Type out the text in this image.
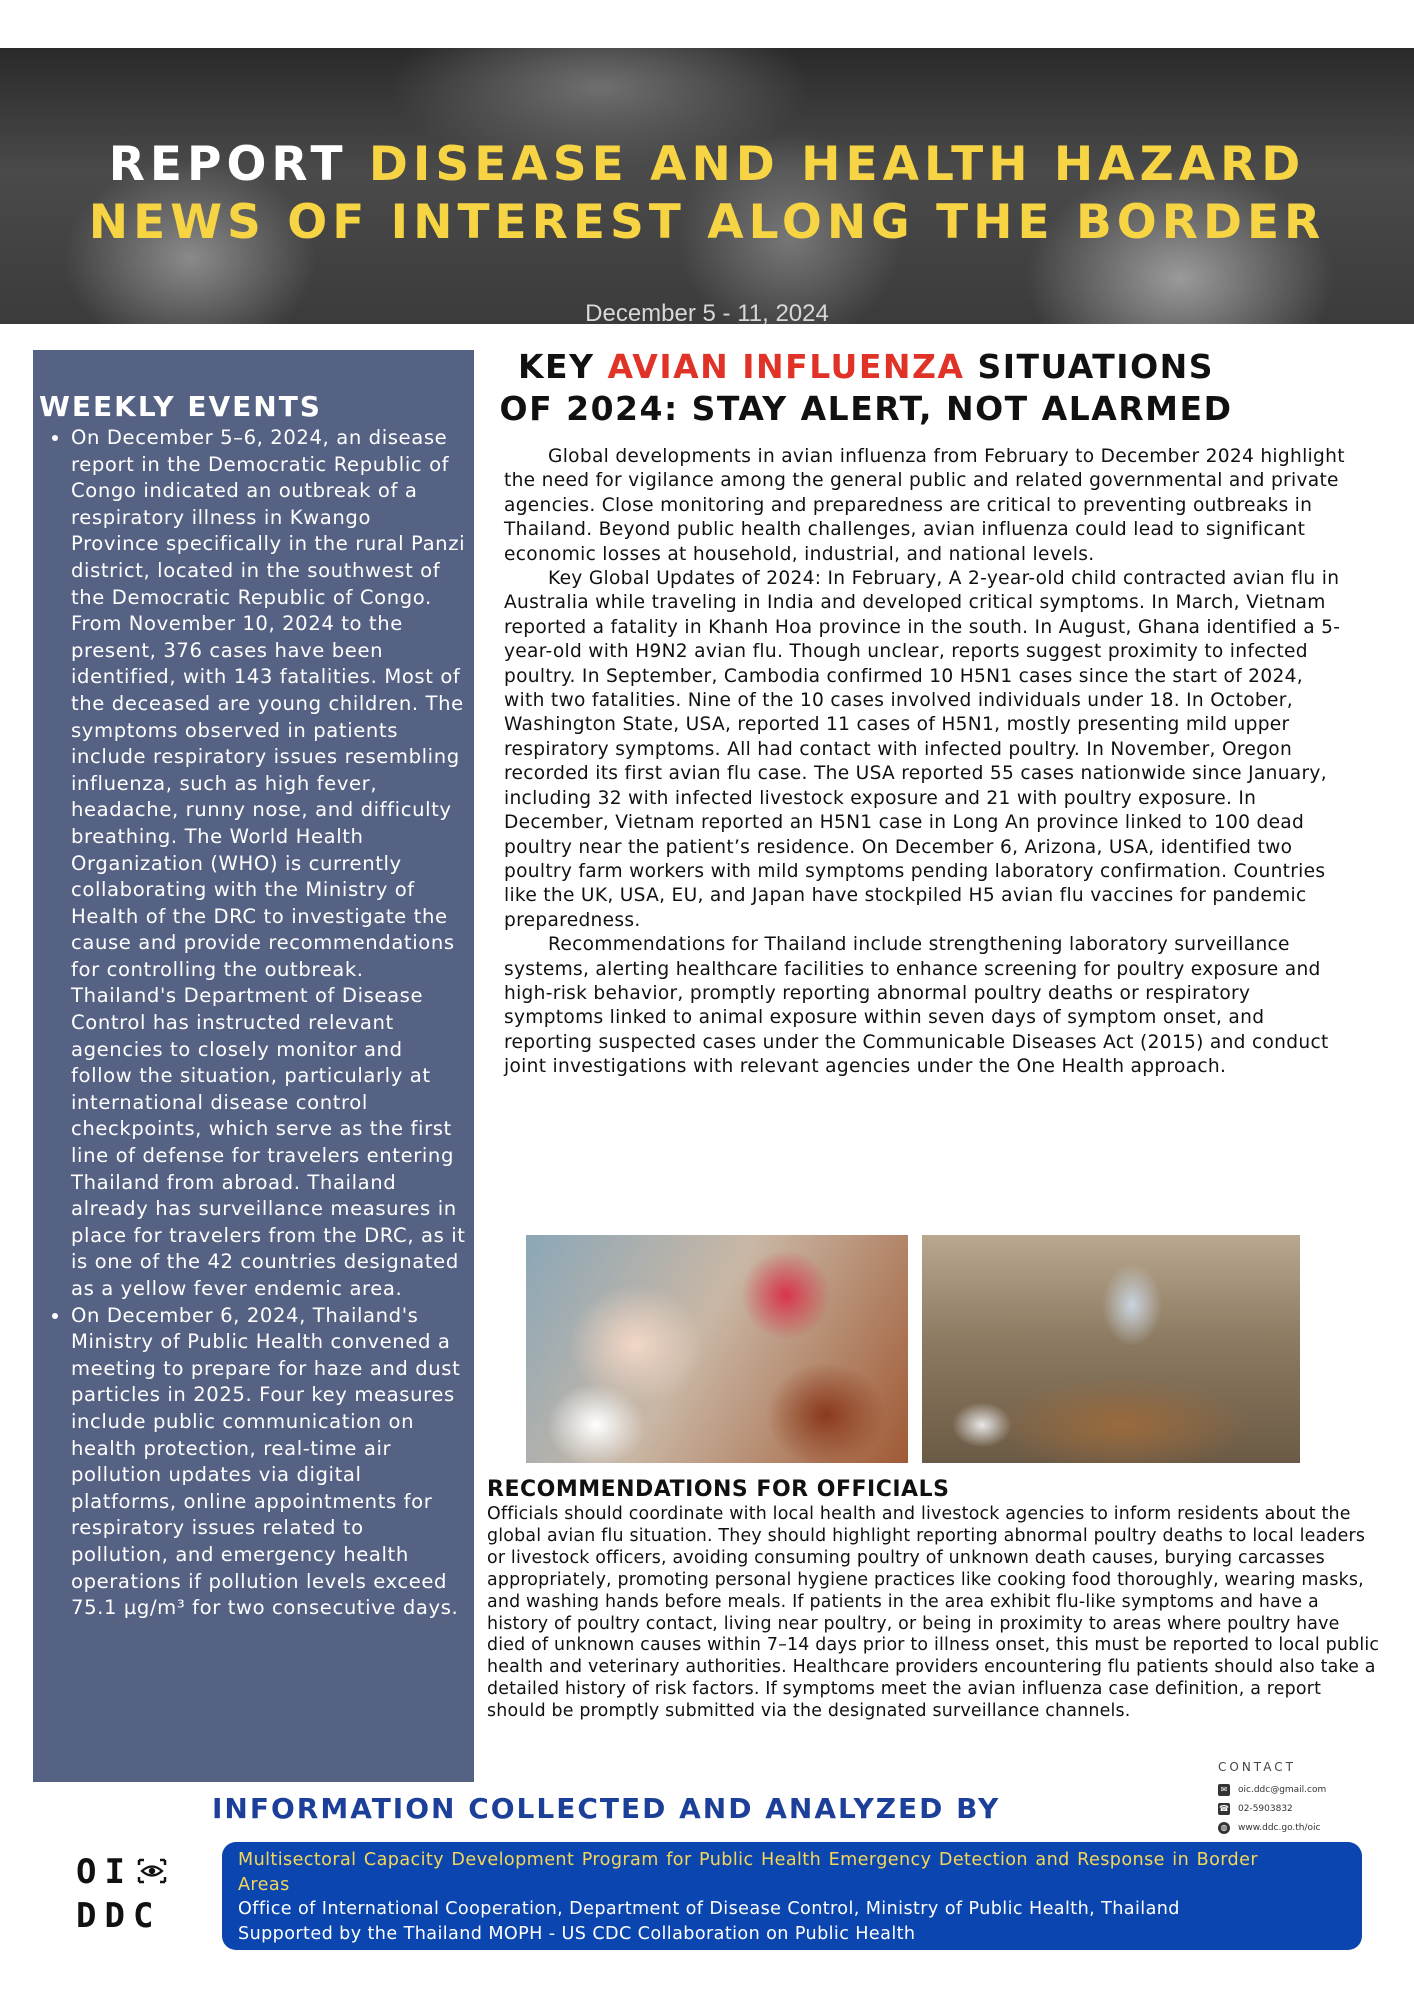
REPORT DISEASE AND HEALTH HAZARD
NEWS OF INTEREST ALONG THE BORDER
December 5 - 11, 2024
WEEKLY EVENTS
• On December 5–6, 2024, an disease report in the Democratic Republic of Congo indicated an outbreak of a respiratory illness in Kwango Province specifically in the rural Panzi district, located in the southwest of the Democratic Republic of Congo. From November 10, 2024 to the present, 376 cases have been identified, with 143 fatalities. Most of the deceased are young children. The symptoms observed in patients include respiratory issues resembling influenza, such as high fever, headache, runny nose, and difficulty breathing. The World Health Organization (WHO) is currently collaborating with the Ministry of Health of the DRC to investigate the cause and provide recommendations for controlling the outbreak. Thailand's Department of Disease Control has instructed relevant agencies to closely monitor and follow the situation, particularly at international disease control checkpoints, which serve as the first line of defense for travelers entering Thailand from abroad. Thailand already has surveillance measures in place for travelers from the DRC, as it is one of the 42 countries designated as a yellow fever endemic area.
• On December 6, 2024, Thailand's Ministry of Public Health convened a meeting to prepare for haze and dust particles in 2025. Four key measures include public communication on health protection, real-time air pollution updates via digital platforms, online appointments for respiratory issues related to pollution, and emergency health operations if pollution levels exceed 75.1 µg/m³ for two consecutive days.
KEY AVIAN INFLUENZA SITUATIONS OF 2024: STAY ALERT, NOT ALARMED

Global developments in avian influenza from February to December 2024 highlight the need for vigilance among the general public and related governmental and private agencies. Close monitoring and preparedness are critical to preventing outbreaks in Thailand. Beyond public health challenges, avian influenza could lead to significant economic losses at household, industrial, and national levels.

Key Global Updates of 2024: In February, A 2-year-old child contracted avian flu in Australia while traveling in India and developed critical symptoms. In March, Vietnam reported a fatality in Khanh Hoa province in the south. In August, Ghana identified a 5-year-old with H9N2 avian flu. Though unclear, reports suggest proximity to infected poultry. In September, Cambodia confirmed 10 H5N1 cases since the start of 2024, with two fatalities. Nine of the 10 cases involved individuals under 18. In October, Washington State, USA, reported 11 cases of H5N1, mostly presenting mild upper respiratory symptoms. All had contact with infected poultry. In November, Oregon recorded its first avian flu case. The USA reported 55 cases nationwide since January, including 32 with infected livestock exposure and 21 with poultry exposure. In December, Vietnam reported an H5N1 case in Long An province linked to 100 dead poultry near the patient’s residence. On December 6, Arizona, USA, identified two poultry farm workers with mild symptoms pending laboratory confirmation. Countries like the UK, USA, EU, and Japan have stockpiled H5 avian flu vaccines for pandemic preparedness.

Recommendations for Thailand include strengthening laboratory surveillance systems, alerting healthcare facilities to enhance screening for poultry exposure and high-risk behavior, promptly reporting abnormal poultry deaths or respiratory symptoms linked to animal exposure within seven days of symptom onset, and reporting suspected cases under the Communicable Diseases Act (2015) and conduct joint investigations with relevant agencies under the One Health approach.

RECOMMENDATIONS FOR OFFICIALS

Officials should coordinate with local health and livestock agencies to inform residents about the global avian flu situation. They should highlight reporting abnormal poultry deaths to local leaders or livestock officers, avoiding consuming poultry of unknown death causes, burying carcasses appropriately, promoting personal hygiene practices like cooking food thoroughly, wearing masks, and washing hands before meals. If patients in the area exhibit flu-like symptoms and have a history of poultry contact, living near poultry, or being in proximity to areas where poultry have died of unknown causes within 7–14 days prior to illness onset, this must be reported to local public health and veterinary authorities. Healthcare providers encountering flu patients should also take a detailed history of risk factors. If symptoms meet the avian influenza case definition, a report should be promptly submitted via the designated surveillance channels.

CONTACT
✉ oic.ddc@gmail.com
☎ 02-5903832
◍ www.ddc.go.th/oic
INFORMATION COLLECTED AND ANALYZED BY
OI
DDC
Multisectoral Capacity Development Program for Public Health Emergency Detection and Response in Border Areas
Office of International Cooperation, Department of Disease Control, Ministry of Public Health, Thailand
Supported by the Thailand MOPH - US CDC Collaboration on Public Health
